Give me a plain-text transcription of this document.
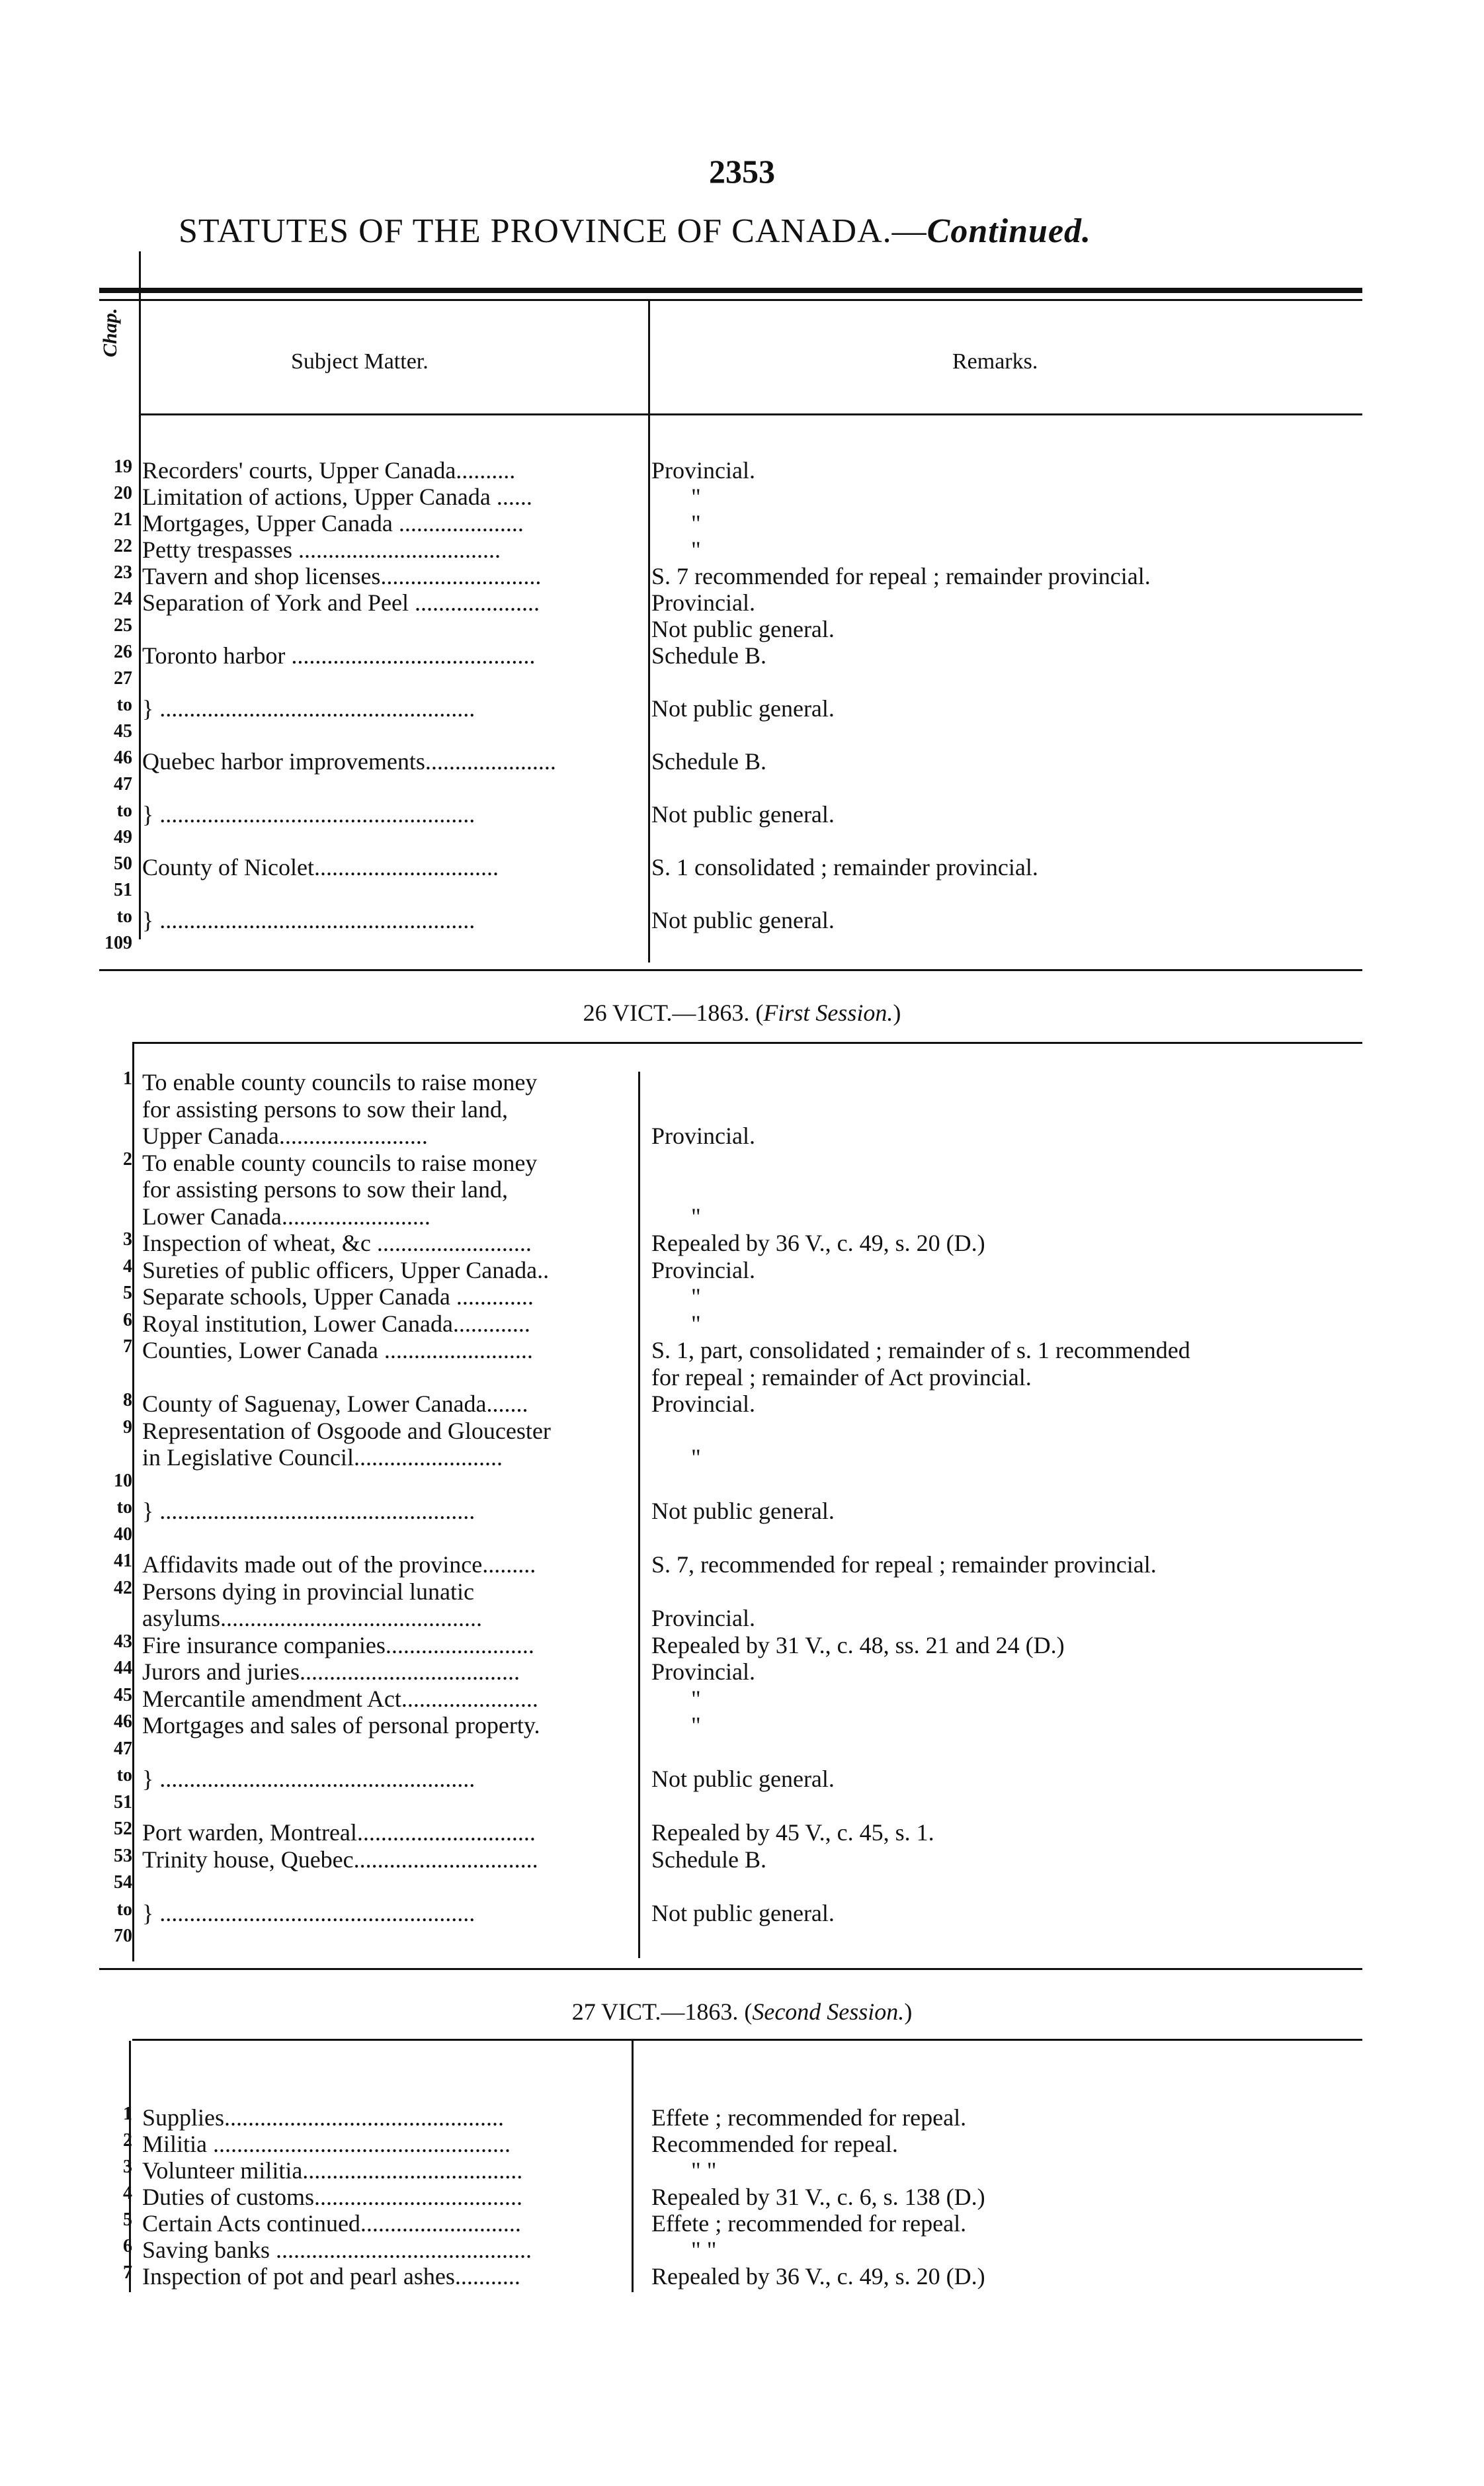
2353
STATUTES OF THE PROVINCE OF CANADA.—Continued.
Chap.
Subject Matter.	Remarks.
19 Recorders' courts, Upper Canada..........	Provincial.
20 Limitation of actions, Upper Canada ......	"
21 Mortgages, Upper Canada .....................	"
22 Petty trespasses ..................................	"
23 Tavern and shop licenses...........................	S. 7 recommended for repeal ; remainder provincial.
24 Separation of York and Peel .....................	Provincial.
25	Not public general.
26 Toronto harbor .........................................	Schedule B.
27
to } .....................................................	Not public general.
45
46 Quebec harbor improvements......................	Schedule B.
47
to } .....................................................	Not public general.
49
50 County of Nicolet...............................	S. 1 consolidated ; remainder provincial.
51
to } .....................................................	Not public general.
109
26 VICT.—1863. (First Session.)
1 To enable county councils to raise money
for assisting persons to sow their land,
Upper Canada.........................	Provincial.
2 To enable county councils to raise money
for assisting persons to sow their land,
Lower Canada.........................	"
3 Inspection of wheat, &c ..........................	Repealed by 36 V., c. 49, s. 20 (D.)
4 Sureties of public officers, Upper Canada..	Provincial.
5 Separate schools, Upper Canada .............	"
6 Royal institution, Lower Canada.............	"
7 Counties, Lower Canada .........................	S. 1, part, consolidated ; remainder of s. 1 recommended
for repeal ; remainder of Act provincial.
8 County of Saguenay, Lower Canada.......	Provincial.
9 Representation of Osgoode and Gloucester
in Legislative Council.........................	"
10
to } .....................................................	Not public general.
40
41 Affidavits made out of the province.........	S. 7, recommended for repeal ; remainder provincial.
42 Persons dying in provincial lunatic
asylums............................................	Provincial.
43 Fire insurance companies.........................	Repealed by 31 V., c. 48, ss. 21 and 24 (D.)
44 Jurors and juries.....................................	Provincial.
45 Mercantile amendment Act.......................	"
46 Mortgages and sales of personal property.	"
47
to } .....................................................	Not public general.
51
52 Port warden, Montreal..............................	Repealed by 45 V., c. 45, s. 1.
53 Trinity house, Quebec...............................	Schedule B.
54
to } .....................................................	Not public general.
70
27 VICT.—1863. (Second Session.)
1 Supplies...............................................	Effete ; recommended for repeal.
2 Militia ..................................................	Recommended for repeal.
3 Volunteer militia.....................................	" "
4 Duties of customs...................................	Repealed by 31 V., c. 6, s. 138 (D.)
5 Certain Acts continued...........................	Effete ; recommended for repeal.
6 Saving banks ...........................................	" "
7 Inspection of pot and pearl ashes...........	Repealed by 36 V., c. 49, s. 20 (D.)
